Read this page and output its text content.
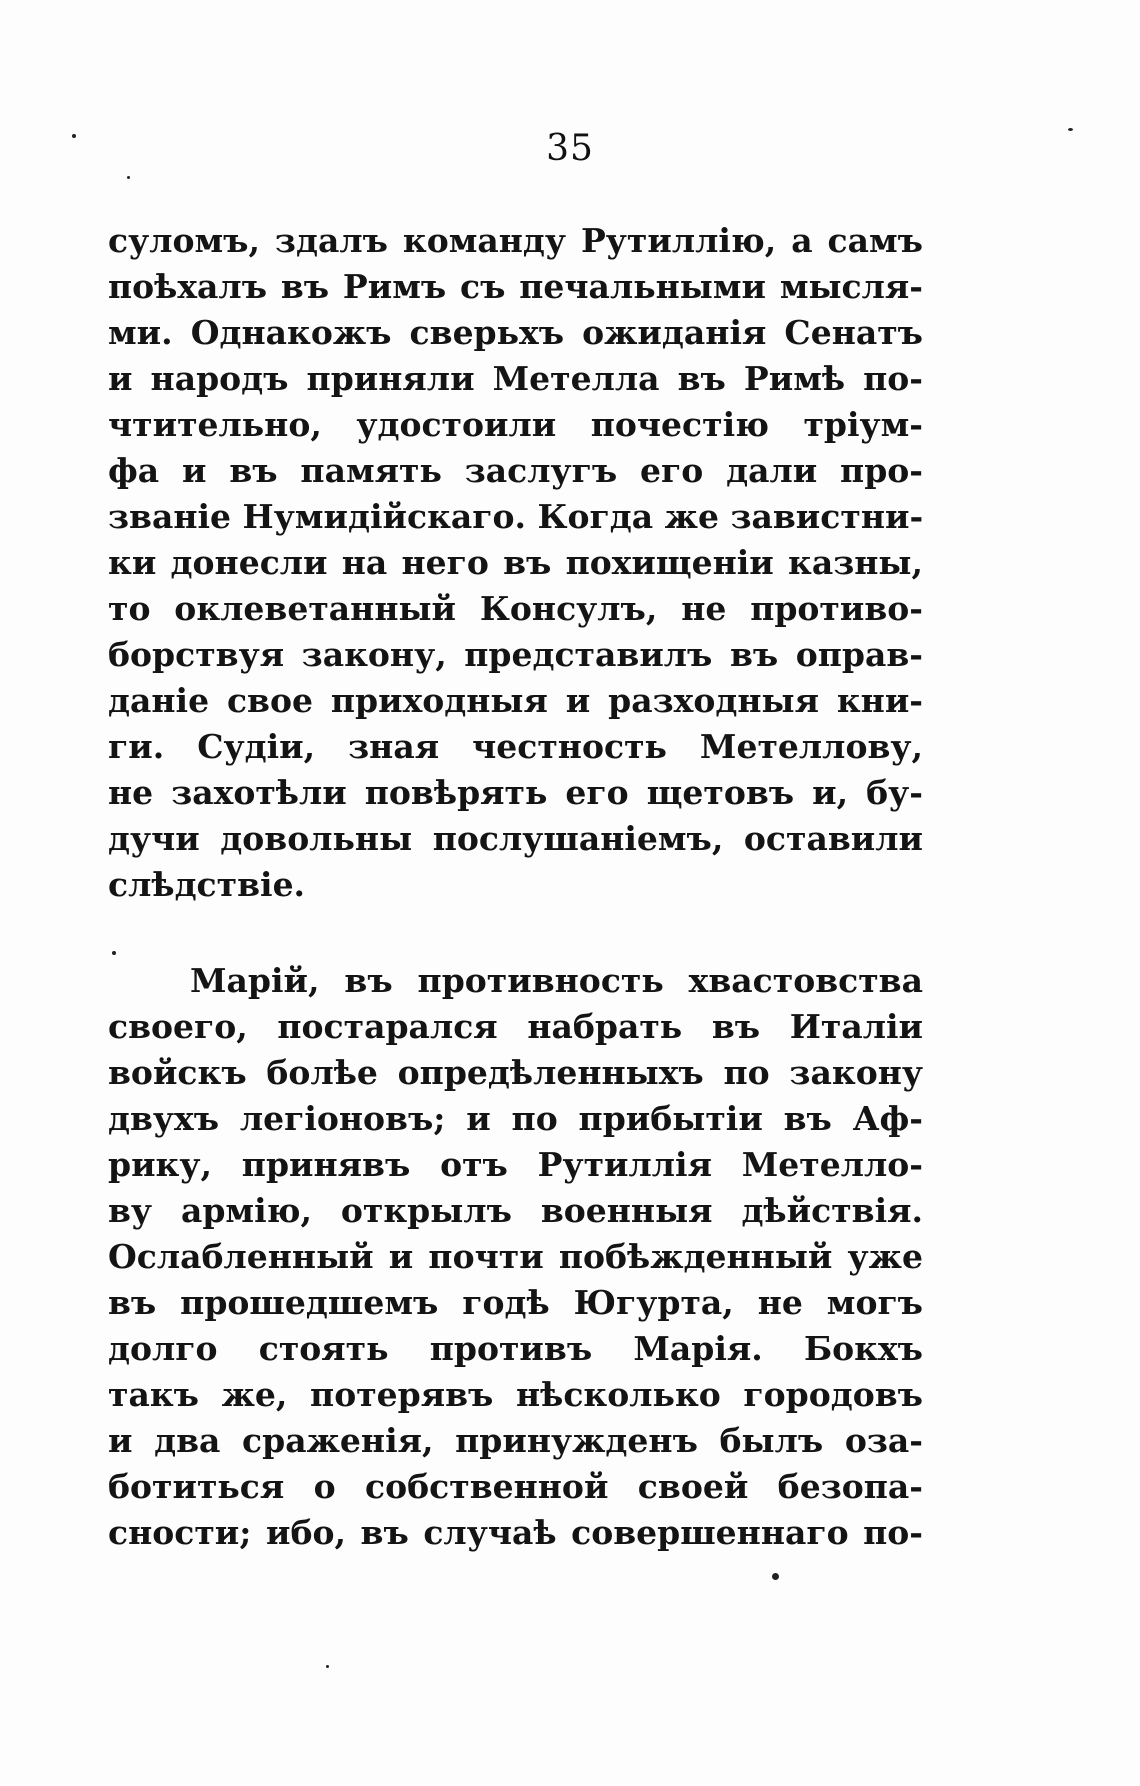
35
суломъ, здалъ команду Рутиллію, а самъ
поѣхалъ въ Римъ съ печальными мысля-
ми. Однакожъ сверьхъ ожиданія Сенатъ
и народъ приняли Метелла въ Римѣ по-
чтительно, удостоили почестію тріум-
фа и въ память заслугъ его дали про-
званіе Нумидійскаго. Когда же завистни-
ки донесли на него въ похищеніи казны,
то оклеветанный Консулъ, не противо-
борствуя закону, представилъ въ оправ-
даніе свое приходныя и разходныя кни-
ги. Судіи, зная честность Метеллову,
не захотѣли повѣрять его щетовъ и, бу-
дучи довольны послушаніемъ, оставили
слѣдствіе.
Марій, въ противность хвастовства
своего, постарался набрать въ Италіи
войскъ болѣе опредѣленныхъ по закону
двухъ легіоновъ; и по прибытіи въ Аф-
рику, принявъ отъ Рутиллія Метелло-
ву армію, открылъ военныя дѣйствія.
Ослабленный и почти побѣжденный уже
въ прошедшемъ годѣ Югурта, не могъ
долго стоять противъ Марія. Бокхъ
такъ же, потерявъ нѣсколько городовъ
и два сраженія, принужденъ былъ оза-
ботиться о собственной своей безопа-
сности; ибо, въ случаѣ совершеннаго по-
